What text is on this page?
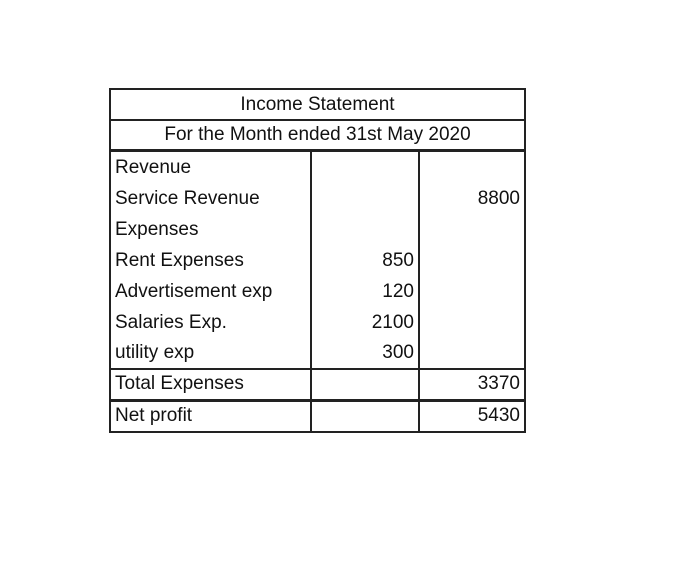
Income Statement
For the Month ended 31st May 2020
Revenue		
Service Revenue		8800
Expenses		
Rent Expenses	850	
Advertisement exp	120	
Salaries Exp.	2100	
utility exp	300	
Total Expenses		3370
Net profit		5430
